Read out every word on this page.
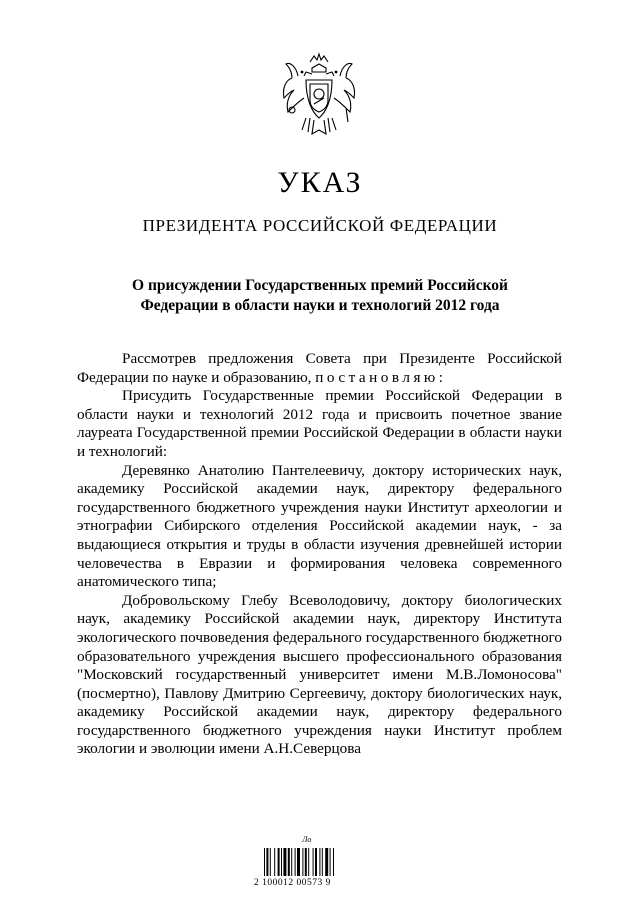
УКАЗ
ПРЕЗИДЕНТА РОССИЙСКОЙ ФЕДЕРАЦИИ
О присуждении Государственных премий Российской
Федерации в области науки и технологий 2012 года

Рассмотрев предложения Совета при Президенте Российской Федерации по науке и образованию, постановляю:

Присудить Государственные премии Российской Федерации в области науки и технологий 2012 года и присвоить почетное звание лауреата Государственной премии Российской Федерации в области науки и технологий:

Деревянко Анатолию Пантелеевичу, доктору исторических наук, академику Российской академии наук, директору федерального государственного бюджетного учреждения науки Институт археологии и этнографии Сибирского отделения Российской академии наук, - за выдающиеся открытия и труды в области изучения древнейшей истории человечества в Евразии и формирования человека современного анатомического типа;

Добровольскому Глебу Всеволодовичу, доктору биологических наук, академику Российской академии наук, директору Института экологического почвоведения федерального государственного бюджетного образовательного учреждения высшего профессионального образования "Московский государственный университет имени М.В.Ломоносова" (посмертно), Павлову Дмитрию Сергеевичу, доктору биологических наук, академику Российской академии наук, директору федерального государственного бюджетного учреждения науки Институт проблем экологии и эволюции имени А.Н.Северцова

Ло
2 100012 00573 9
